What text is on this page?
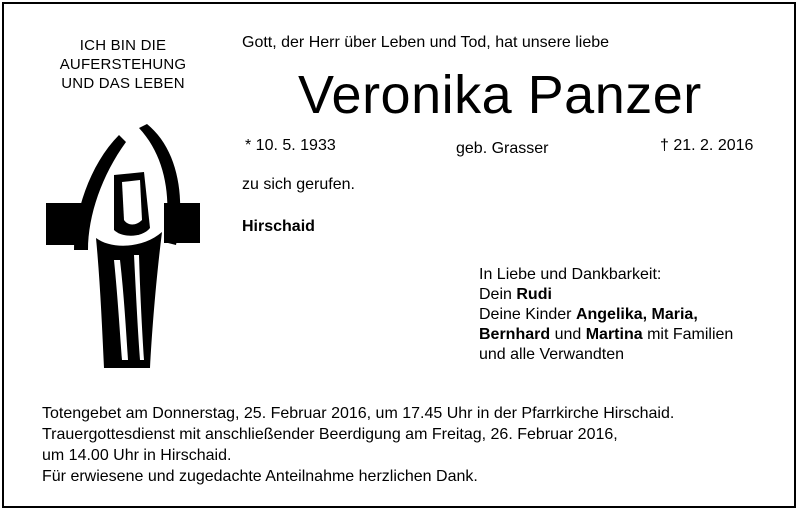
ICH BIN DIE
AUFERSTEHUNG
UND DAS LEBEN
Gott, der Herr über Leben und Tod, hat unsere liebe
Veronika Panzer
* 10. 5. 1933	geb. Grasser	† 21. 2. 2016
zu sich gerufen.
Hirschaid
In Liebe und Dankbarkeit:
Dein Rudi
Deine Kinder Angelika, Maria,
Bernhard und Martina mit Familien
und alle Verwandten
Totengebet am Donnerstag, 25. Februar 2016, um 17.45 Uhr in der Pfarrkirche Hirschaid.
Trauergottesdienst mit anschließender Beerdigung am Freitag, 26. Februar 2016,
um 14.00 Uhr in Hirschaid.
Für erwiesene und zugedachte Anteilnahme herzlichen Dank.
